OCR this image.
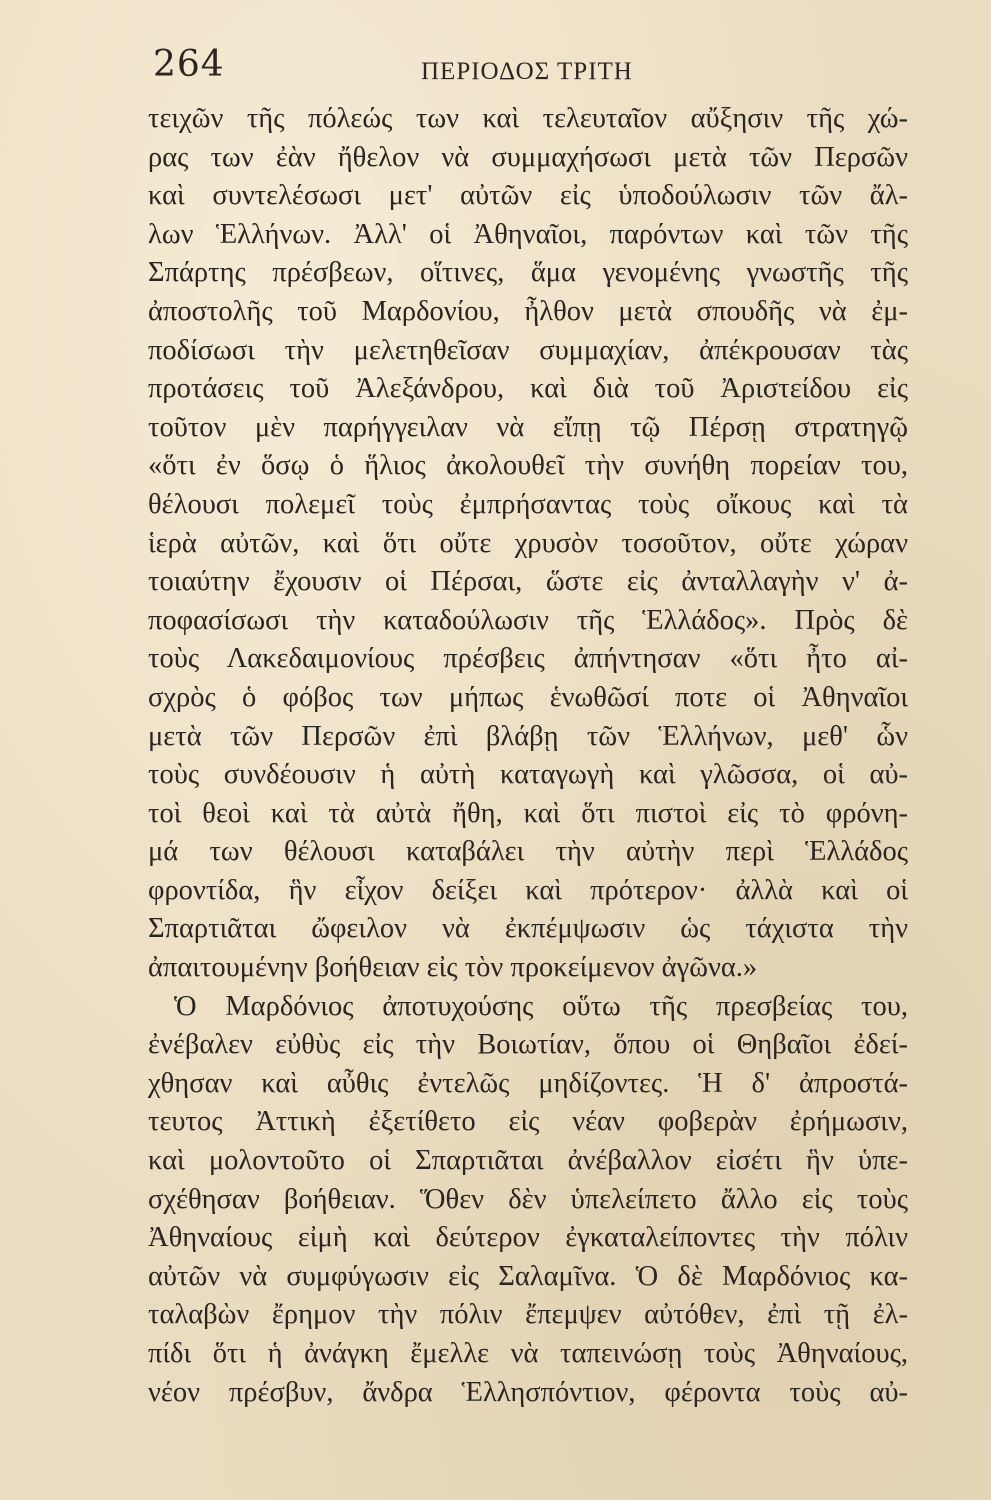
264	ΠΕΡΙΟΔΟΣ ΤΡΙΤΗ
τειχῶν τῆς πόλεώς των καὶ τελευταῖον αὔξησιν τῆς χώ-
ρας των ἐὰν ἤθελον νὰ συμμαχήσωσι μετὰ τῶν Περσῶν
καὶ συντελέσωσι μετ' αὐτῶν εἰς ὑποδούλωσιν τῶν ἄλ-
λων Ἑλλήνων. Ἀλλ' οἱ Ἀθηναῖοι, παρόντων καὶ τῶν τῆς
Σπάρτης πρέσβεων, οἵτινες, ἅμα γενομένης γνωστῆς τῆς
ἀποστολῆς τοῦ Μαρδονίου, ἦλθον μετὰ σπουδῆς νὰ ἐμ-
ποδίσωσι τὴν μελετηθεῖσαν συμμαχίαν, ἀπέκρουσαν τὰς
προτάσεις τοῦ Ἀλεξάνδρου, καὶ διὰ τοῦ Ἀριστείδου εἰς
τοῦτον μὲν παρήγγειλαν νὰ εἴπῃ τῷ Πέρσῃ στρατηγῷ
«ὅτι ἐν ὅσῳ ὁ ἥλιος ἀκολουθεῖ τὴν συνήθη πορείαν του,
θέλουσι πολεμεῖ τοὺς ἐμπρήσαντας τοὺς οἴκους καὶ τὰ
ἱερὰ αὐτῶν, καὶ ὅτι οὔτε χρυσὸν τοσοῦτον, οὔτε χώραν
τοιαύτην ἔχουσιν οἱ Πέρσαι, ὥστε εἰς ἀνταλλαγὴν ν' ἀ-
ποφασίσωσι τὴν καταδούλωσιν τῆς Ἑλλάδος». Πρὸς δὲ
τοὺς Λακεδαιμονίους πρέσβεις ἀπήντησαν «ὅτι ἦτο αἰ-
σχρὸς ὁ φόβος των μήπως ἑνωθῶσί ποτε οἱ Ἀθηναῖοι
μετὰ τῶν Περσῶν ἐπὶ βλάβῃ τῶν Ἑλλήνων, μεθ' ὧν
τοὺς συνδέουσιν ἡ αὐτὴ καταγωγὴ καὶ γλῶσσα, οἱ αὐ-
τοὶ θεοὶ καὶ τὰ αὐτὰ ἤθη, καὶ ὅτι πιστοὶ εἰς τὸ φρόνη-
μά των θέλουσι καταβάλει τὴν αὐτὴν περὶ Ἑλλάδος
φροντίδα, ἣν εἶχον δείξει καὶ πρότερον· ἀλλὰ καὶ οἱ
Σπαρτιᾶται ὤφειλον νὰ ἐκπέμψωσιν ὡς τάχιστα τὴν
ἀπαιτουμένην βοήθειαν εἰς τὸν προκείμενον ἀγῶνα.»
Ὁ Μαρδόνιος ἀποτυχούσης οὕτω τῆς πρεσβείας του,
ἐνέβαλεν εὐθὺς εἰς τὴν Βοιωτίαν, ὅπου οἱ Θηβαῖοι ἐδεί-
χθησαν καὶ αὖθις ἐντελῶς μηδίζοντες. Ἡ δ' ἀπροστά-
τευτος Ἀττικὴ ἐξετίθετο εἰς νέαν φοβερὰν ἐρήμωσιν,
καὶ μολοντοῦτο οἱ Σπαρτιᾶται ἀνέβαλλον εἰσέτι ἣν ὑπε-
σχέθησαν βοήθειαν. Ὅθεν δὲν ὑπελείπετο ἄλλο εἰς τοὺς
Ἀθηναίους εἰμὴ καὶ δεύτερον ἐγκαταλείποντες τὴν πόλιν
αὐτῶν νὰ συμφύγωσιν εἰς Σαλαμῖνα. Ὁ δὲ Μαρδόνιος κα-
ταλαβὼν ἔρημον τὴν πόλιν ἔπεμψεν αὐτόθεν, ἐπὶ τῇ ἐλ-
πίδι ὅτι ἡ ἀνάγκη ἔμελλε νὰ ταπεινώσῃ τοὺς Ἀθηναίους,
νέον πρέσβυν, ἄνδρα Ἑλλησπόντιον, φέροντα τοὺς αὐ-
